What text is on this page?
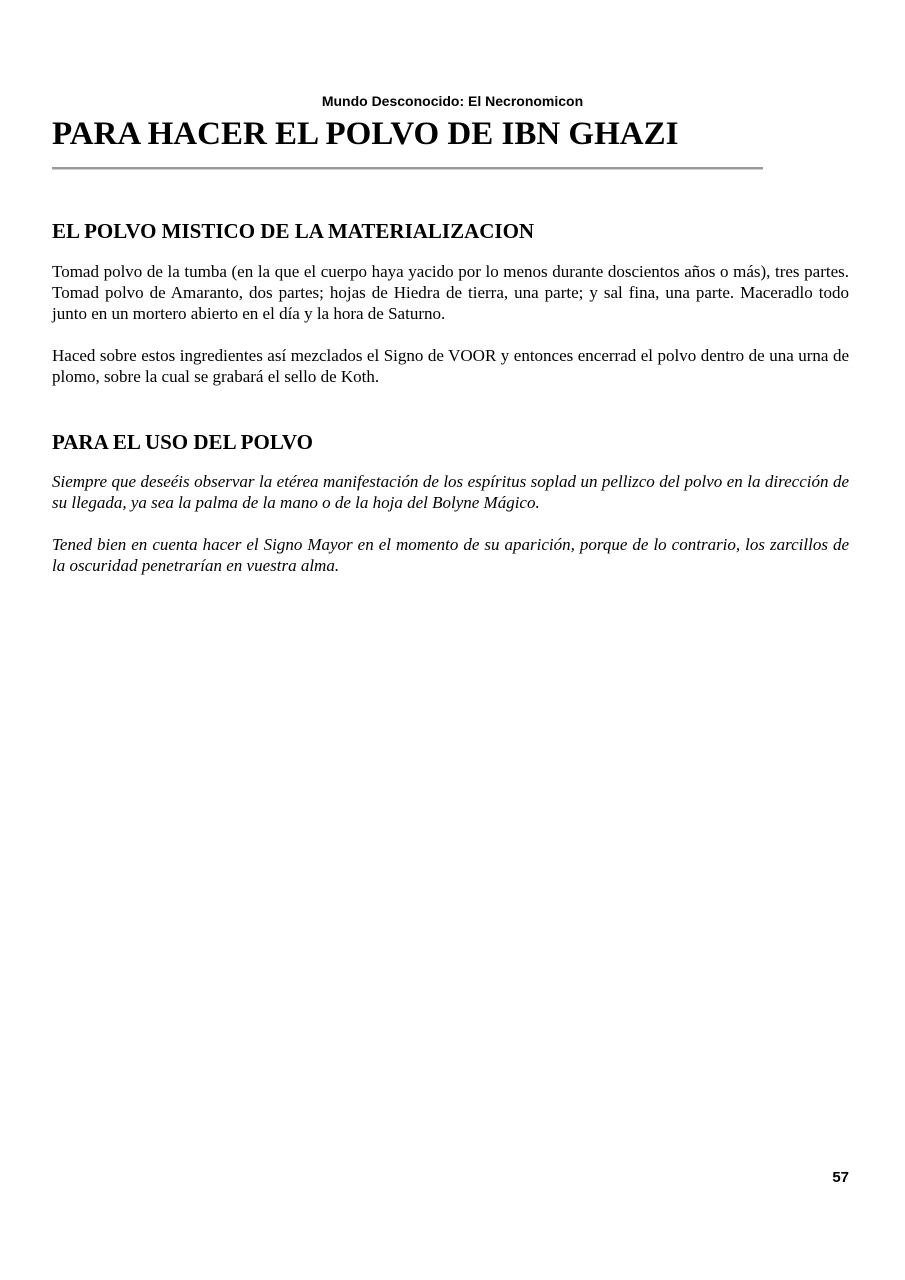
Mundo Desconocido: El Necronomicon
PARA HACER EL POLVO DE IBN GHAZI
EL POLVO MISTICO DE LA MATERIALIZACION

Tomad polvo de la tumba (en la que el cuerpo haya yacido por lo menos durante doscientos años o más), tres partes. Tomad polvo de Amaranto, dos partes; hojas de Hiedra de tierra, una parte; y sal fina, una parte. Maceradlo todo junto en un mortero abierto en el día y la hora de Saturno.

Haced sobre estos ingredientes así mezclados el Signo de VOOR y entonces encerrad el polvo dentro de una urna de plomo, sobre la cual se grabará el sello de Koth.

PARA EL USO DEL POLVO

Siempre que deseéis observar la etérea manifestación de los espíritus soplad un pellizco del polvo en la dirección de su llegada, ya sea la palma de la mano o de la hoja del Bolyne Mágico.

Tened bien en cuenta hacer el Signo Mayor en el momento de su aparición, porque de lo contrario, los zarcillos de la oscuridad penetrarían en vuestra alma.

57
